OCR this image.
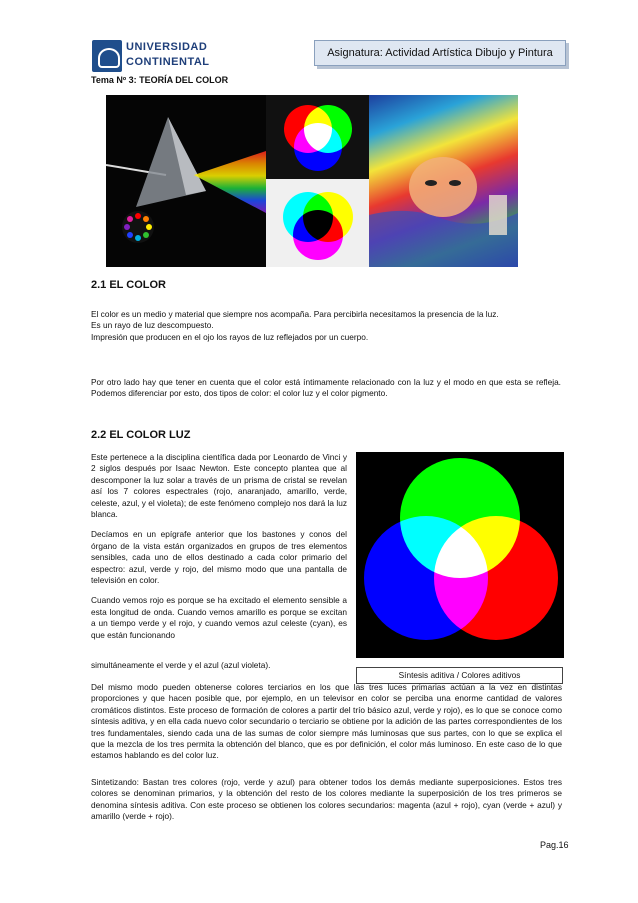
UNIVERSIDAD
CONTINENTAL
Asignatura: Actividad Artística Dibujo y Pintura
Tema Nº 3: TEORÍA DEL COLOR
2.1 EL COLOR
El color es un medio y material que siempre nos acompaña. Para percibirla necesitamos la presencia de la luz.
Es un rayo de luz descompuesto.
Impresión que producen en el ojo los rayos de luz reflejados por un cuerpo.
Por otro lado hay que tener en cuenta que el color está íntimamente relacionado con la luz y el modo en que esta se refleja. Podemos diferenciar por esto, dos tipos de color: el color luz y el color pigmento.
2.2 EL COLOR LUZ

Este pertenece a la disciplina científica dada por Leonardo de Vinci y 2 siglos después por Isaac Newton. Este concepto plantea que al descomponer la luz solar a través de un prisma de cristal se revelan así los 7 colores espectrales (rojo, anaranjado, amarillo, verde, celeste, azul, y el violeta); de este fenómeno complejo nos dará la luz blanca.

Decíamos en un epígrafe anterior que los bastones y conos del órgano de la vista están organizados en grupos de tres elementos sensibles, cada uno de ellos destinado a cada color primario del espectro: azul, verde y rojo, del mismo modo que una pantalla de televisión en color.

Cuando vemos rojo es porque se ha excitado el elemento sensible a esta longitud de onda. Cuando vemos amarillo es porque se excitan a un tiempo verde y el rojo, y cuando vemos azul celeste (cyan), es que están funcionando

Síntesis aditiva / Colores aditivos
simultáneamente el verde y el azul (azul violeta).
Del mismo modo pueden obtenerse colores terciarios en los que las tres luces primarias actúan a la vez en distintas proporciones y que hacen posible que, por ejemplo, en un televisor en color se perciba una enorme cantidad de valores cromáticos distintos. Este proceso de formación de colores a partir del trío básico azul, verde y rojo), es lo que se conoce como síntesis aditiva, y en ella cada nuevo color secundario o terciario se obtiene por la adición de las partes correspondientes de los tres fundamentales, siendo cada una de las sumas de color siempre más luminosas que sus partes, con lo que se explica el que la mezcla de los tres permita la obtención del blanco, que es por definición, el color más luminoso. En este caso de lo que estamos hablando es del color luz.
Sintetizando: Bastan tres colores (rojo, verde y azul) para obtener todos los demás mediante superposiciones. Estos tres colores se denominan primarios, y la obtención del resto de los colores mediante la superposición de los tres primeros se denomina síntesis aditiva. Con este proceso se obtienen los colores secundarios: magenta (azul + rojo), cyan (verde + azul) y amarillo (verde + rojo).
Pag.16
